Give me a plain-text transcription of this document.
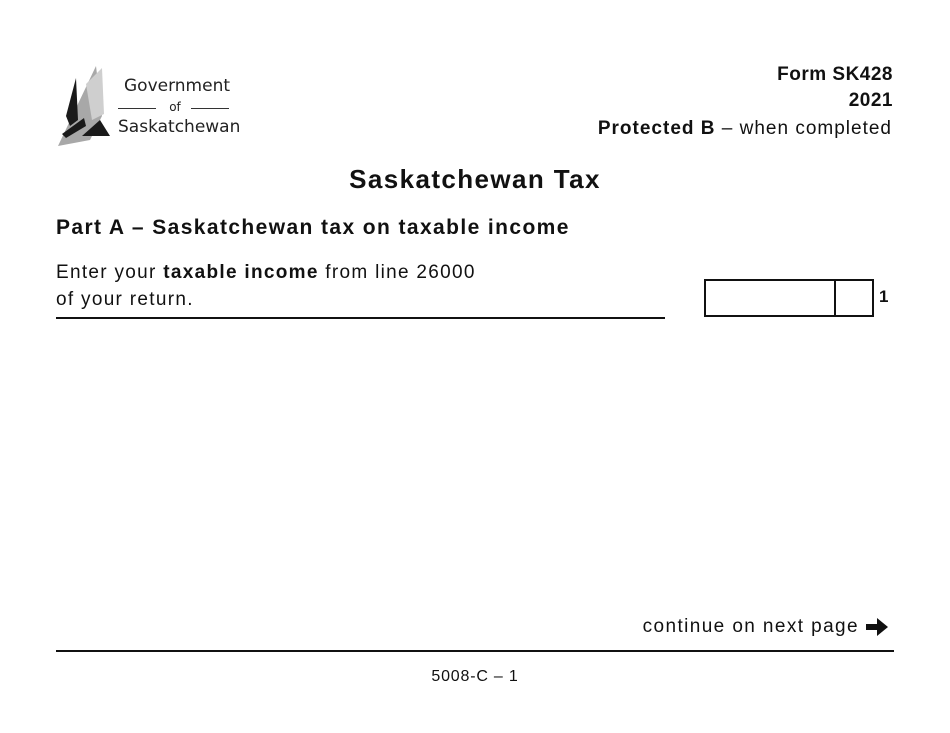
Government
of
Saskatchewan
Form SK428
2021
Protected B – when completed
Saskatchewan Tax
Part A – Saskatchewan tax on taxable income
Enter your taxable income from line 26000
of your return.	1
continue on next page
5008-C – 1
